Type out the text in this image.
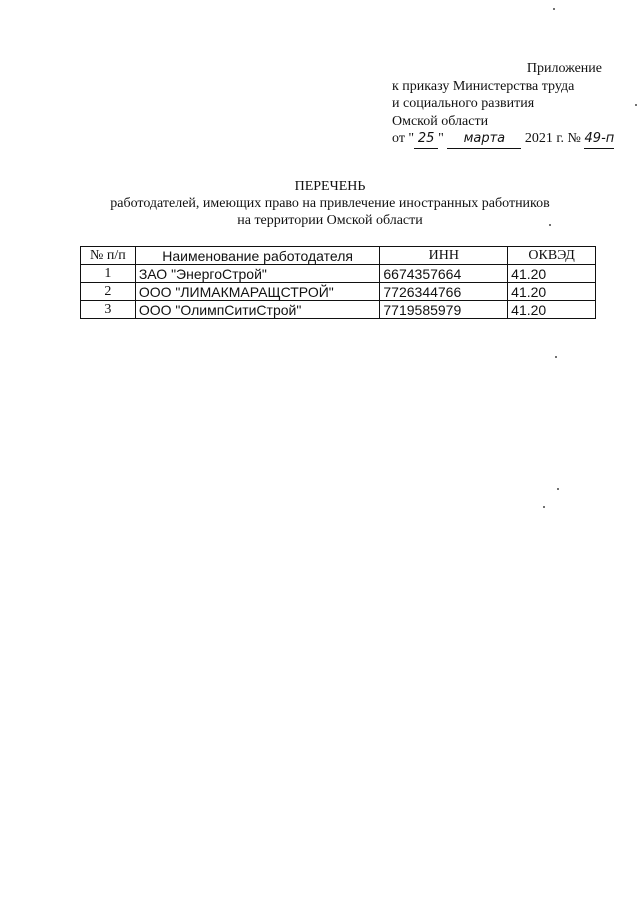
Приложение
к приказу Министерства труда
и социального развития
Омской области
от " 25 " марта 2021 г. № 49-п
ПЕРЕЧЕНЬ
работодателей, имеющих право на привлечение иностранных работников
на территории Омской области
№ п/п	Наименование работодателя	ИНН	ОКВЭД
1	ЗАО "ЭнергоСтрой"	6674357664	41.20
2	ООО "ЛИМАКМАРАЩСТРОЙ"	7726344766	41.20
3	ООО "ОлимпСитиСтрой"	7719585979	41.20
